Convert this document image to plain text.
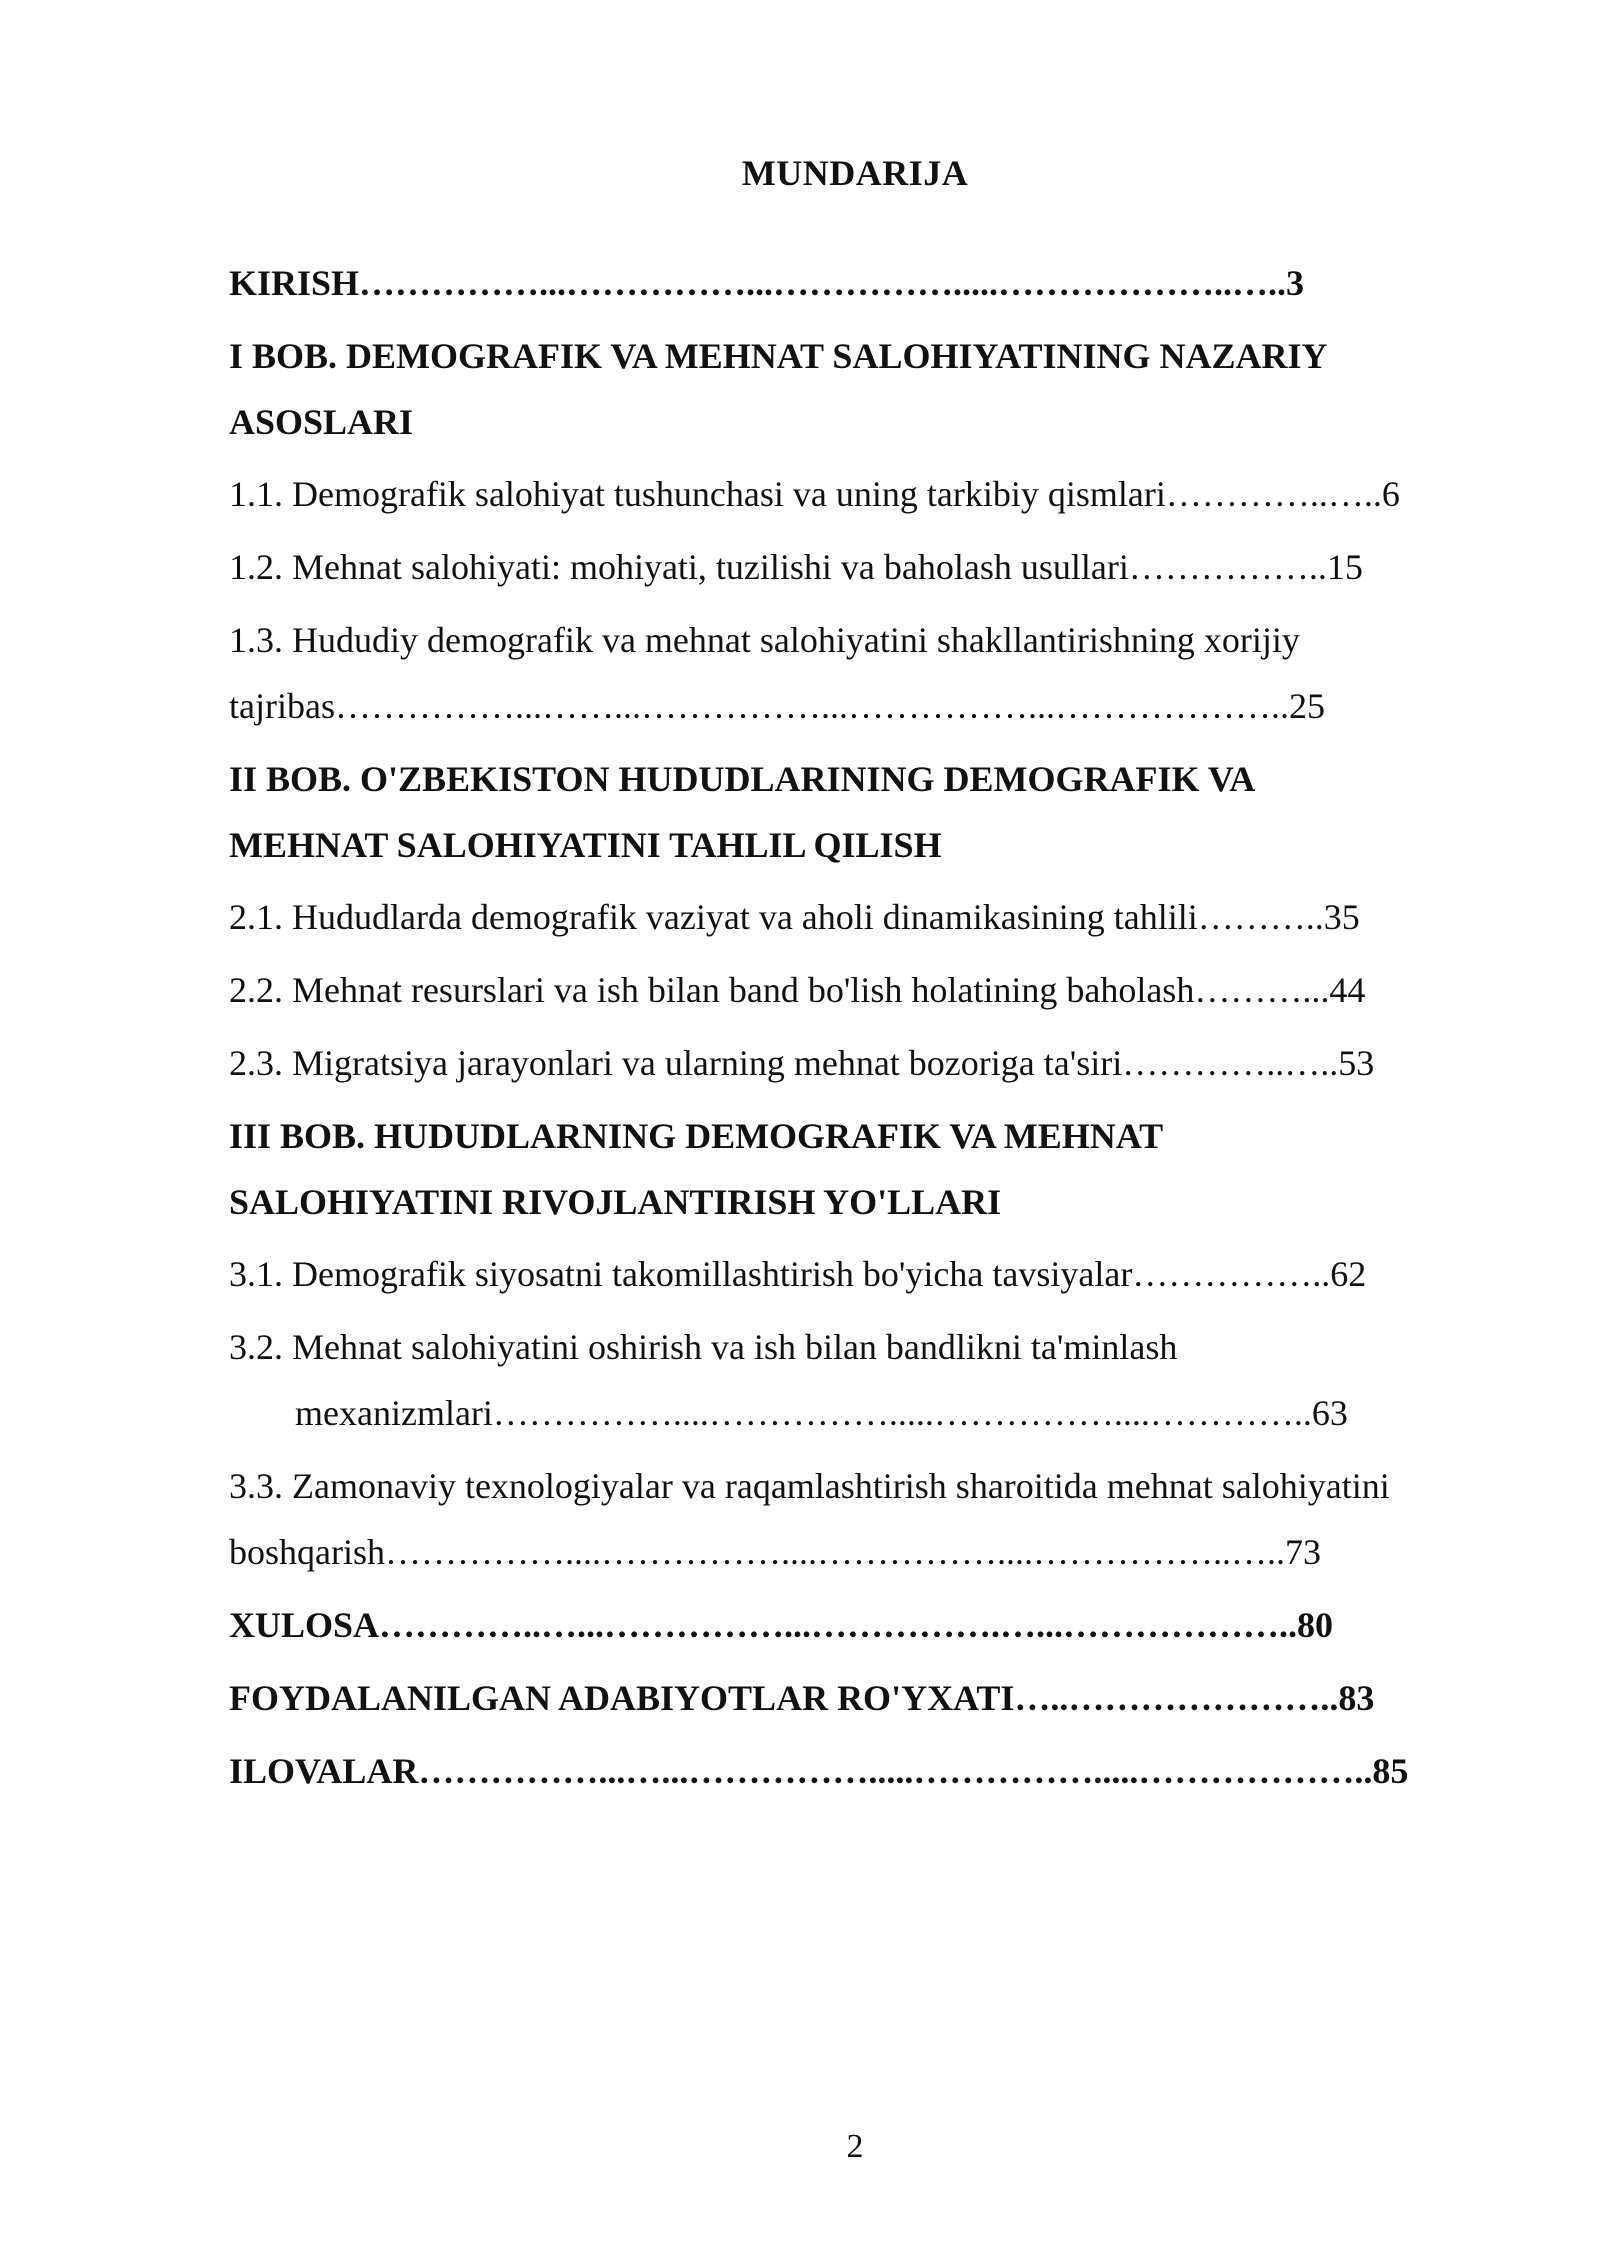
MUNDARIJA
KIRISH……………...……………...…………….....………………..…..3
I BOB. DEMOGRAFIK VA MEHNAT SALOHIYATINING NAZARIY
ASOSLARI
1.1. Demografik salohiyat tushunchasi va uning tarkibiy qismlari…………..…..6
1.2. Mehnat salohiyati: mohiyati, tuzilishi va baholash usullari……………..15
1.3. Hududiy demografik va mehnat salohiyatini shakllantirishning xorijiy
tajribas……………...……...……………...……………...………………..25
II BOB. O'ZBEKISTON HUDUDLARINING DEMOGRAFIK VA
MEHNAT SALOHIYATINI TAHLIL QILISH
2.1. Hududlarda demografik vaziyat va aholi dinamikasining tahlili………..35
2.2. Mehnat resurslari va ish bilan band bo'lish holatining baholash………...44
2.3. Migratsiya jarayonlari va ularning mehnat bozoriga ta'siri…………..…..53
III BOB. HUDUDLARNING DEMOGRAFIK VA MEHNAT
SALOHIYATINI RIVOJLANTIRISH YO'LLARI
3.1. Demografik siyosatni takomillashtirish bo'yicha tavsiyalar……………..62
3.2. Mehnat salohiyatini oshirish va ish bilan bandlikni ta'minlash
mexanizmlari……………....…………….....……………....…………..63
3.3. Zamonaviy texnologiyalar va raqamlashtirish sharoitida mehnat salohiyatini
boshqarish……………....……………....……………....……………..…..73
XULOSA…………..…...……………...…………….…...………………..80
FOYDALANILGAN ADABIYOTLAR RO'YXATI…..…………………..83
ILOVALAR……………...…...…………….....…………….....………………..85
2
